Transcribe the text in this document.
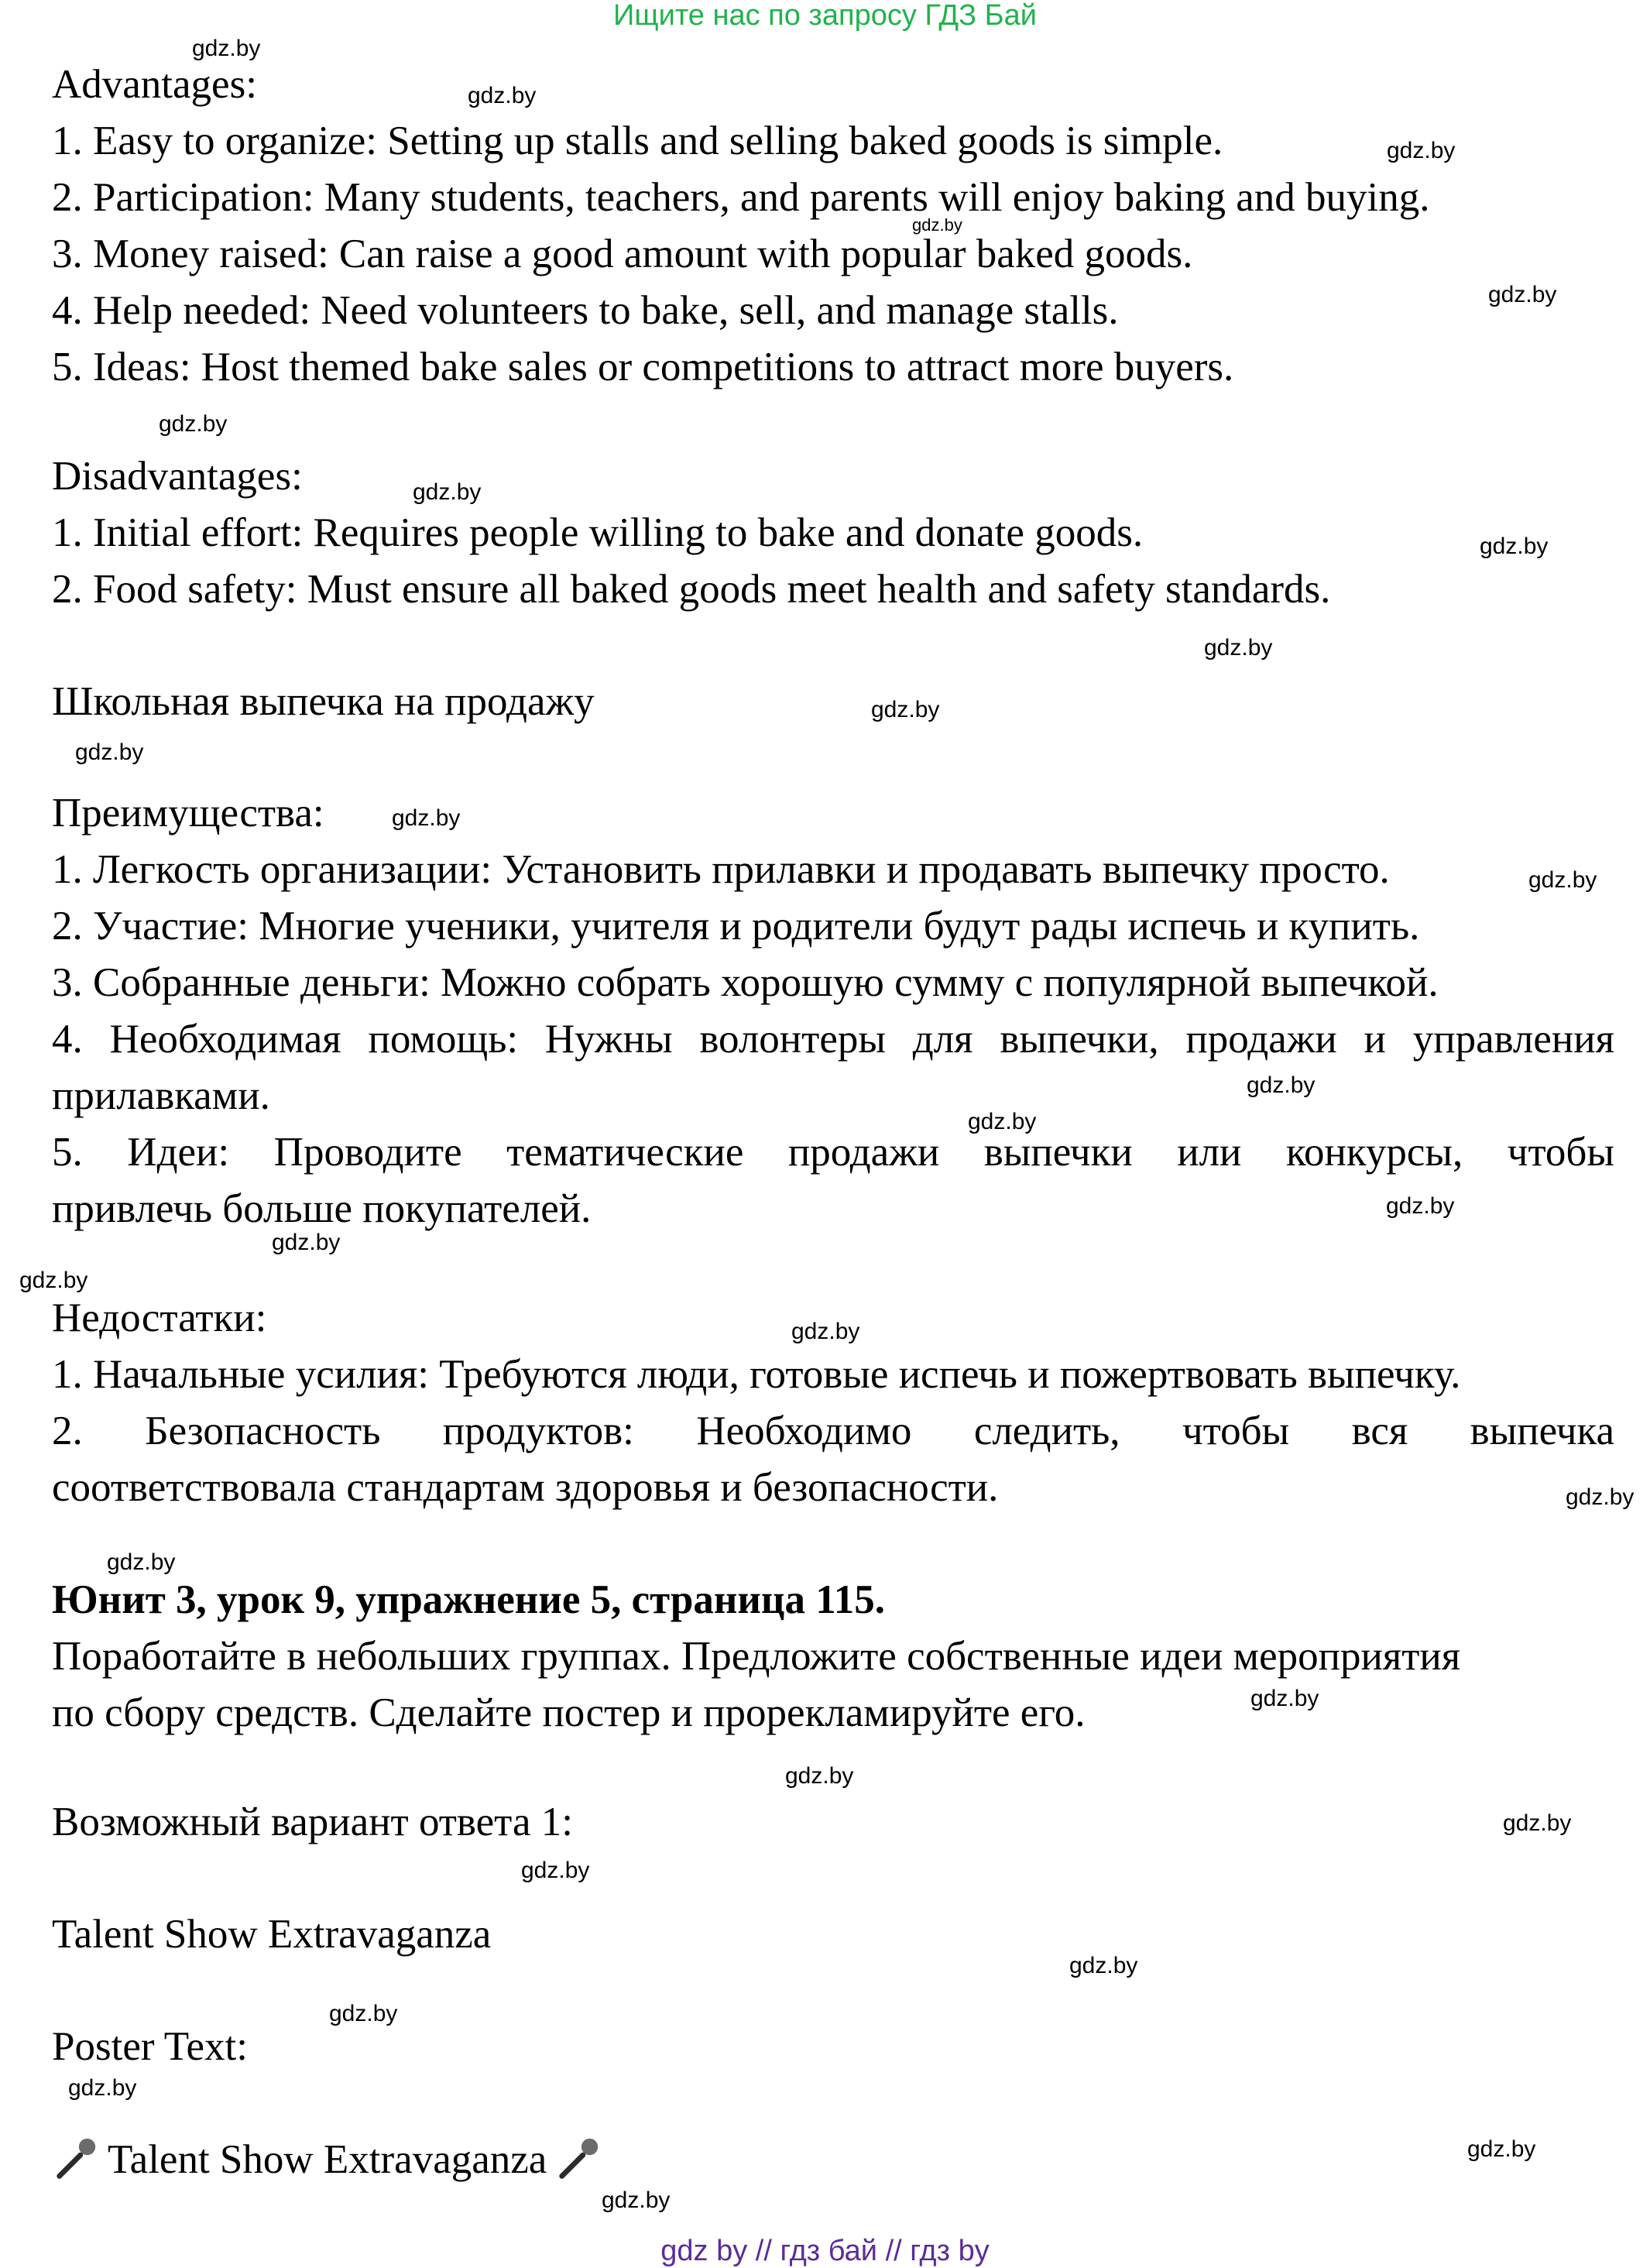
Ищите нас по запросу ГДЗ Бай
Advantages:
1. Easy to organize: Setting up stalls and selling baked goods is simple.
2. Participation: Many students, teachers, and parents will enjoy baking and buying.
3. Money raised: Can raise a good amount with popular baked goods.
4. Help needed: Need volunteers to bake, sell, and manage stalls.
5. Ideas: Host themed bake sales or competitions to attract more buyers.
Disadvantages:
1. Initial effort: Requires people willing to bake and donate goods.
2. Food safety: Must ensure all baked goods meet health and safety standards.
Школьная выпечка на продажу
Преимущества:
1. Легкость организации: Установить прилавки и продавать выпечку просто.
2. Участие: Многие ученики, учителя и родители будут рады испечь и купить.
3. Собранные деньги: Можно собрать хорошую сумму с популярной выпечкой.
4. Необходимая помощь: Нужны волонтеры для выпечки, продажи и управления
прилавками.
5. Идеи: Проводите тематические продажи выпечки или конкурсы, чтобы
привлечь больше покупателей.
Недостатки:
1. Начальные усилия: Требуются люди, готовые испечь и пожертвовать выпечку.
2. Безопасность продуктов: Необходимо следить, чтобы вся выпечка
соответствовала стандартам здоровья и безопасности.
Юнит 3, урок 9, упражнение 5, страница 115.
Поработайте в небольших группах. Предложите собственные идеи мероприятия
по сбору средств. Сделайте постер и прорекламируйте его.
Возможный вариант ответа 1:
Talent Show Extravaganza
Poster Text:
Talent Show Extravaganza
gdz.by
gdz.by
gdz.by
gdz.by
gdz.by
gdz.by
gdz.by
gdz.by
gdz.by
gdz.by
gdz.by
gdz.by
gdz.by
gdz.by
gdz.by
gdz.by
gdz.by
gdz.by
gdz.by
gdz.by
gdz.by
gdz.by
gdz.by
gdz.by
gdz.by
gdz.by
gdz.by
gdz.by
gdz.by
gdz.by
gdz by // гдз бай // гдз by
